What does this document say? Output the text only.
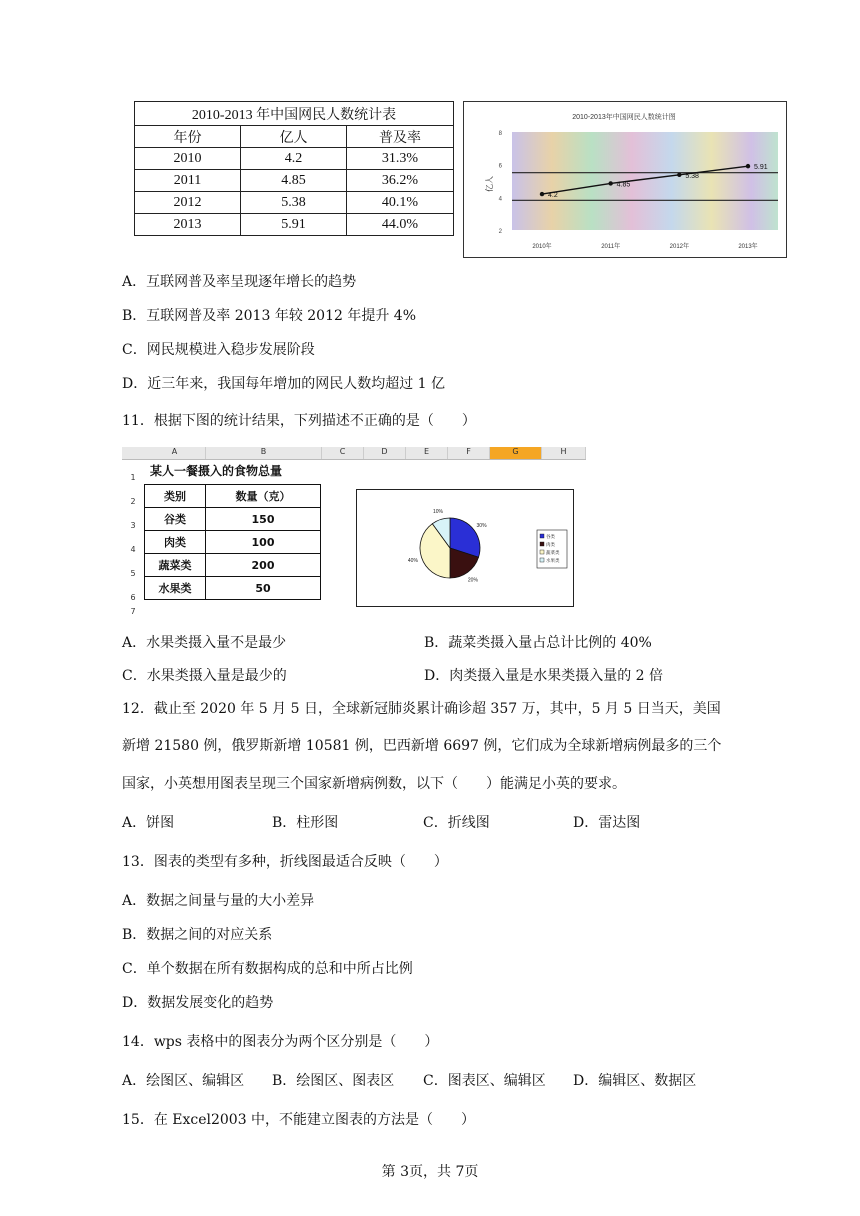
2010-2013 年中国网民人数统计表		
年份	亿人	普及率
2010	4.2	31.3%
2011	4.85	36.2%
2012	5.38	40.1%
2013	5.91	44.0%
2010-2013年中国网民人数统计图
亿人
2
4
6
8
2010年	2011年	2012年	2013年
4.2
4.85
5.38
5.91
A．互联网普及率呈现逐年增长的趋势
B．互联网普及率 2013 年较 2012 年提升 4%
C．网民规模进入稳步发展阶段
D．近三年来，我国每年增加的网民人数均超过 1 亿
11．根据下图的统计结果，下列描述不正确的是（　　）
A	B	C	D	E	F	G	H
1
2
3
4
5
6
7
某人一餐摄入的食物总量
类别	数量（克）
谷类	150
肉类	100
蔬菜类	200
水果类	50
30%
20%
40%
10%
谷类
肉类
蔬菜类
水果类
A．水果类摄入量不是最少	B．蔬菜类摄入量占总计比例的 40%
C．水果类摄入量是最少的	D．肉类摄入量是水果类摄入量的 2 倍
12．截止至 2020 年 5 月 5 日，全球新冠肺炎累计确诊超 357 万，其中，5 月 5 日当天，美国
新增 21580 例，俄罗斯新增 10581 例，巴西新增 6697 例，它们成为全球新增病例最多的三个
国家，小英想用图表呈现三个国家新增病例数，以下（　　）能满足小英的要求。
A．饼图	B．柱形图	C．折线图	D．雷达图
13．图表的类型有多种，折线图最适合反映（　　）
A．数据之间量与量的大小差异
B．数据之间的对应关系
C．单个数据在所有数据构成的总和中所占比例
D．数据发展变化的趋势
14．wps 表格中的图表分为两个区分别是（　　）
A．绘图区、编辑区 B．绘图区、图表区 C．图表区、编辑区 D．编辑区、数据区
15．在 Excel2003 中，不能建立图表的方法是（　　）
第 3页，共 7页
